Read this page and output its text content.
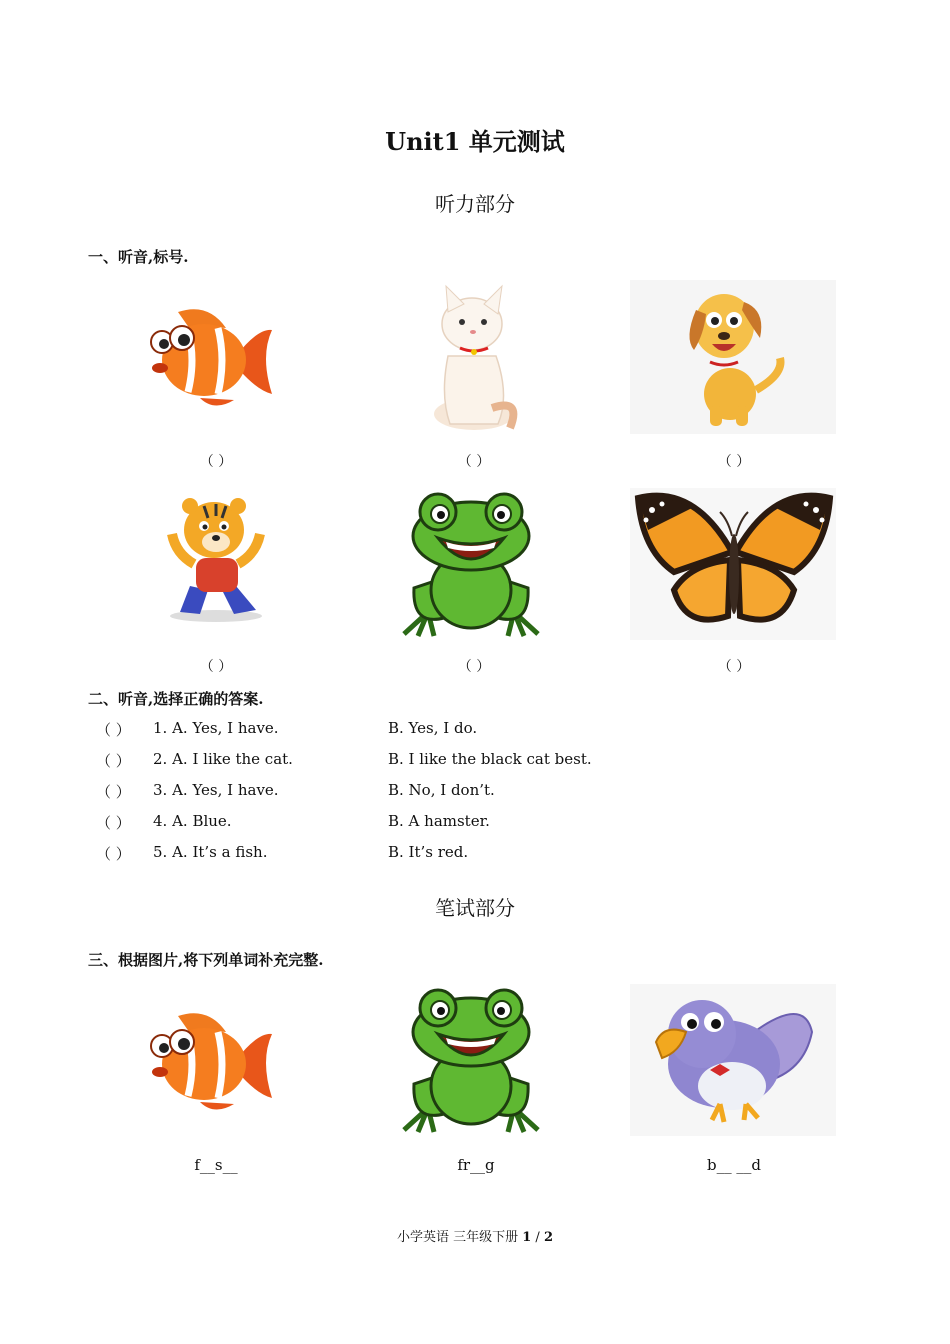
Unit1 单元测试
听力部分
一、听音,标号.
（ ）	（ ）	（ ）
（ ）	（ ）	（ ）
二、听音,选择正确的答案.
（ ） 1. A. Yes, I have.	B. Yes, I do.
（ ） 2. A. I like the cat.	B. I like the black cat best.
（ ） 3. A. Yes, I have.	B. No, I don’t.
（ ） 4. A. Blue.	B. A hamster.
（ ） 5. A. It’s a fish.	B. It’s red.
笔试部分
三、根据图片,将下列单词补充完整.
f__s__	fr__g	b__ __d
小学英语 三年级下册 1 / 2
